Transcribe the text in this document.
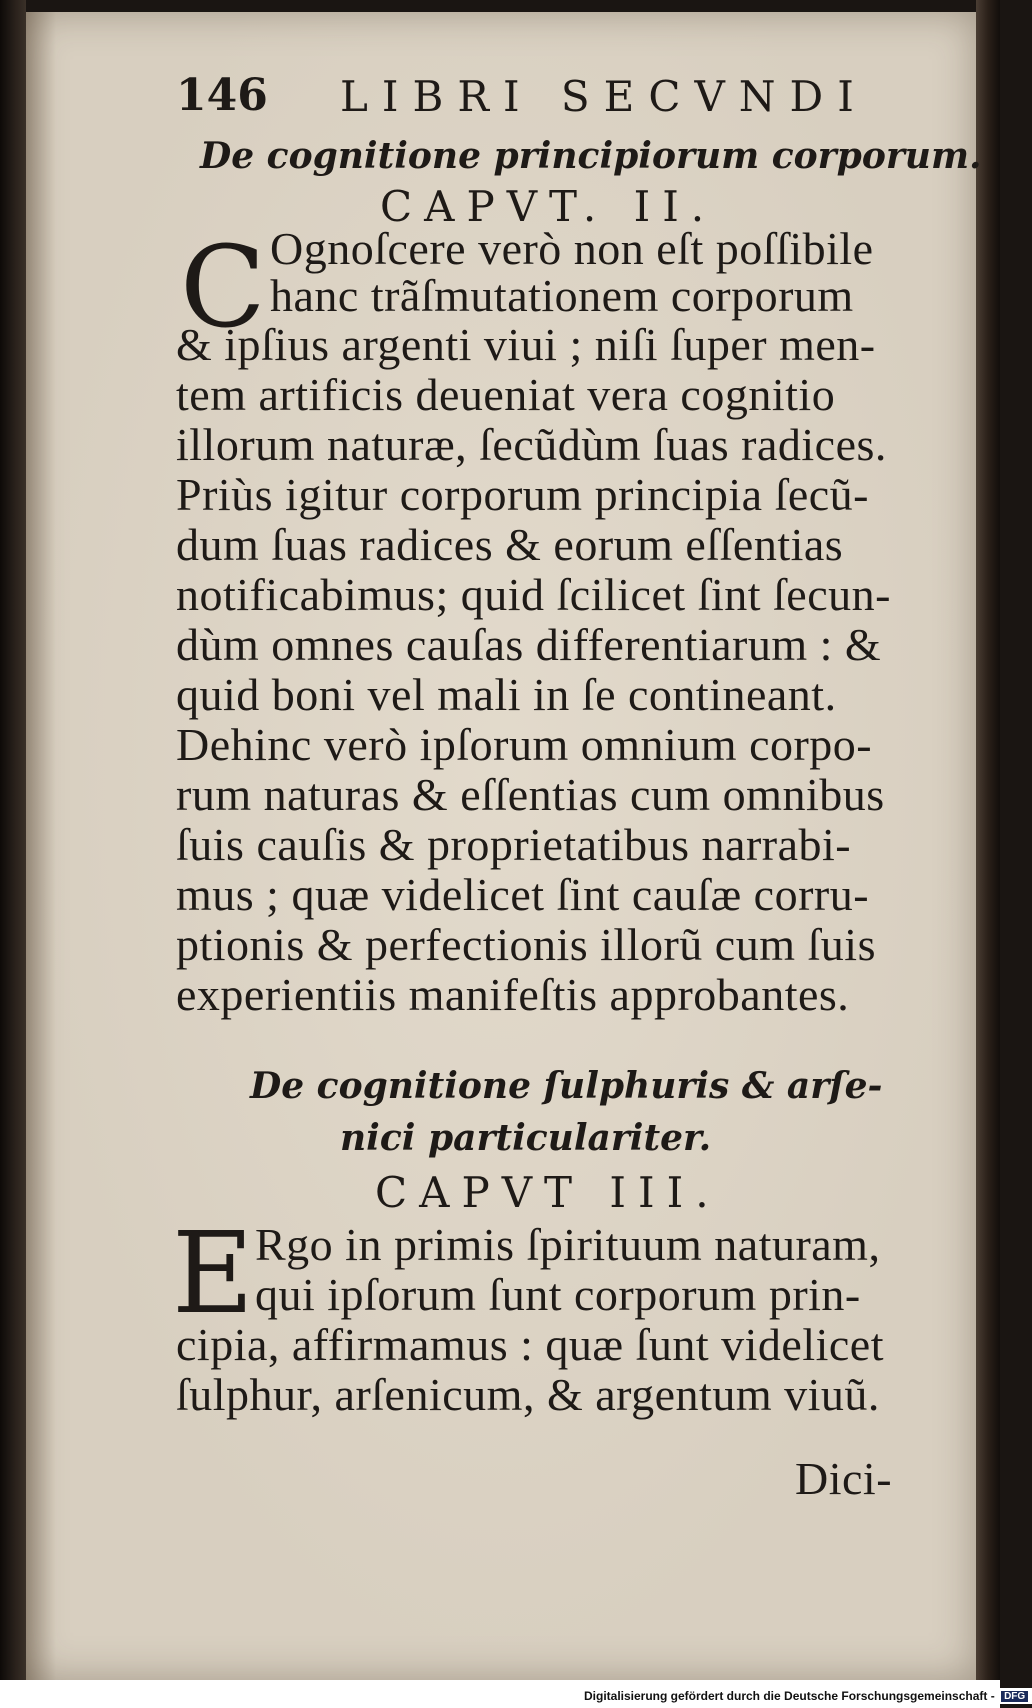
146 LIBRI SECVNDI
De cognitione principiorum corporum.
CAPVT. II.
C Ognoſcere verò non eſt poſſibile
hanc trãſmutationem corporum
& ipſius argenti viui ; niſi ſuper men-
tem artificis deueniat vera cognitio
illorum naturæ, ſecũdùm ſuas radices.
Priùs igitur corporum principia ſecũ-
dum ſuas radices & eorum eſſentias
notificabimus; quid ſcilicet ſint ſecun-
dùm omnes cauſas differentiarum : &
quid boni vel mali in ſe contineant.
Dehinc verò ipſorum omnium corpo-
rum naturas & eſſentias cum omnibus
ſuis cauſis & proprietatibus narrabi-
mus ; quæ videlicet ſint cauſæ corru-
ptionis & perfectionis illorũ cum ſuis
experientiis manifeſtis approbantes.
De cognitione ſulphuris & arſe-
nici particulariter.
CAPVT III.
E Rgo in primis ſpirituum naturam,
qui ipſorum ſunt corporum prin-
cipia, affirmamus : quæ ſunt videlicet
ſulphur, arſenicum, & argentum viuũ.
Dici-
Digitalisierung gefördert durch die Deutsche Forschungsgemeinschaft - DFG
